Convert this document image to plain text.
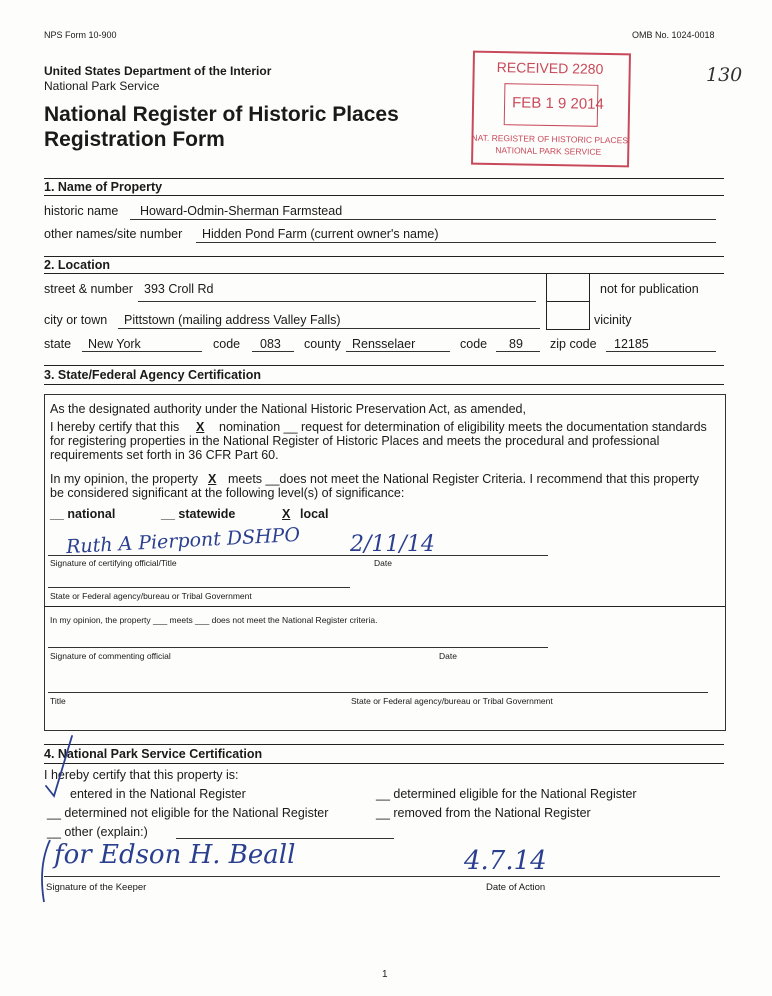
NPS Form 10-900	OMB No. 1024-0018
United States Department of the Interior
National Park Service
National Register of Historic Places
Registration Form
130
RECEIVED 2280
FEB 1 9 2014
NAT. REGISTER OF HISTORIC PLACES
NATIONAL PARK SERVICE
1. Name of Property
historic name Howard-Odmin-Sherman Farmstead
other names/site number Hidden Pond Farm (current owner's name)
2. Location
street & number 393 Croll Rd	not for publication
city or town Pittstown (mailing address Valley Falls)	vicinity
state New York	code 083 county Rensselaer	code 89 zip code 12185
3. State/Federal Agency Certification
As the designated authority under the National Historic Preservation Act, as amended,
I hereby certify that this X nomination __ request for determination of eligibility meets the documentation standards
for registering properties in the National Register of Historic Places and meets the procedural and professional
requirements set forth in 36 CFR Part 60.
In my opinion, the property X meets __does not meet the National Register Criteria. I recommend that this property
be considered significant at the following level(s) of significance:
__ national	__ statewide	X local
Ruth A Pierpont DSHPO 2/11/14
Signature of certifying official/Title	Date
State or Federal agency/bureau or Tribal Government
In my opinion, the property ___ meets ___ does not meet the National Register criteria.
Signature of commenting official	Date
Title	State or Federal agency/bureau or Tribal Government
4. National Park Service Certification
I hereby certify that this property is:
entered in the National Register	__ determined eligible for the National Register
__ determined not eligible for the National Register	__ removed from the National Register
__ other (explain:)
for Edson H. Beall	4.7.14
Signature of the Keeper	Date of Action
1
